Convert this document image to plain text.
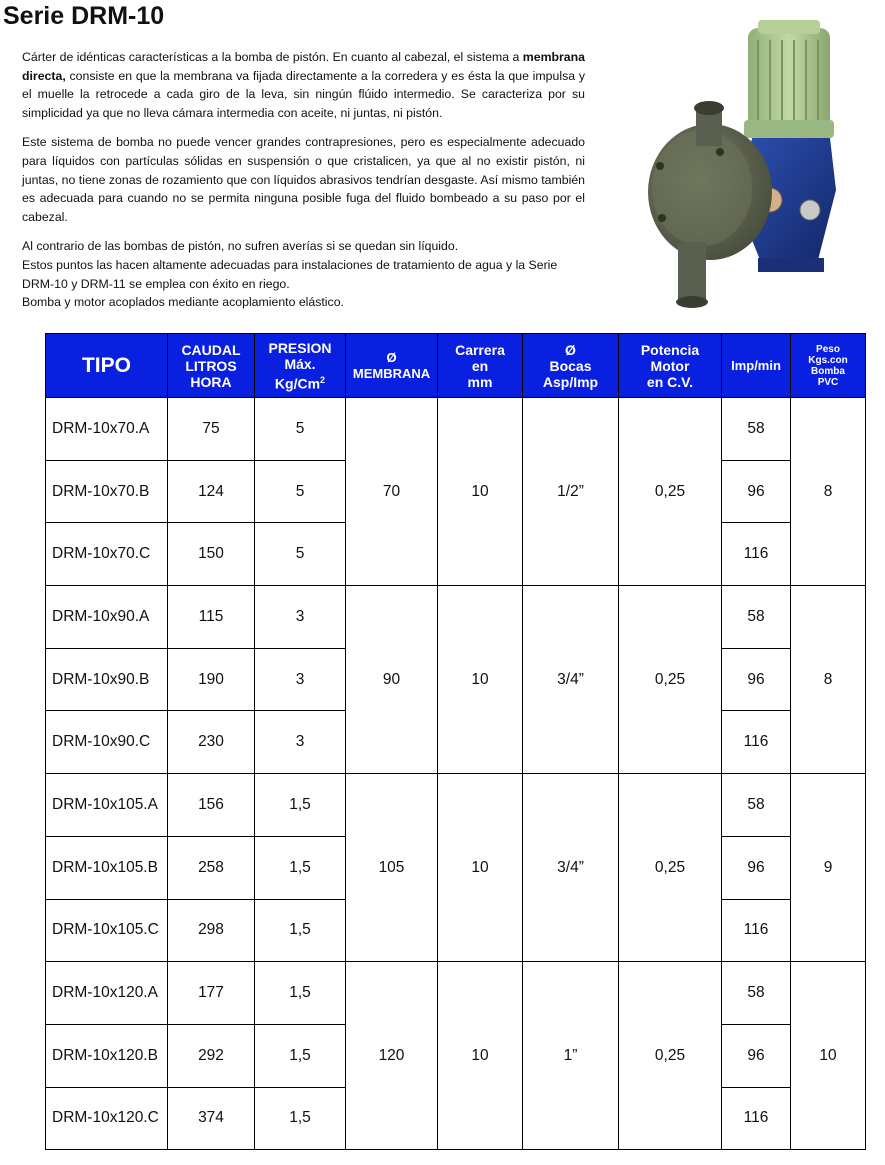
Serie DRM-10

Cárter de idénticas características a la bomba de pistón. En cuanto al cabezal, el sistema a membrana directa, consiste en que la membrana va fijada directamente a la corredera y es ésta la que impulsa y el muelle la retrocede a cada giro de la leva, sin ningún flúido intermedio. Se caracteriza por su simplicidad ya que no lleva cámara intermedia con aceite, ni juntas, ni pistón.

Este sistema de bomba no puede vencer grandes contrapresiones, pero es especialmente adecuado para líquidos con partículas sólidas en suspensión o que cristalicen, ya que al no existir pistón, ni juntas, no tiene zonas de rozamiento que con líquidos abrasivos tendrían desgaste. Así mismo también es adecuada para cuando no se permita ninguna posible fuga del fluido bombeado a su paso por el cabezal.

Al contrario de las bombas de pistón, no sufren averías si se quedan sin líquido.

Estos puntos las hacen altamente adecuadas para instalaciones de tratamiento de agua y la Serie DRM-10 y DRM-11 se emplea con éxito en riego.

Bomba y motor acoplados mediante acoplamiento elástico.

TIPO	CAUDAL
LITROS
HORA	PRESION
Máx.
Kg/Cm$^2$	Ø
MEMBRANA	Carrera
en
mm	Ø
Bocas
Asp/Imp	Potencia
Motor
en C.V.	Imp/min	Peso
Kgs.con
Bomba
PVC
DRM-10x70.A	75	5	70	10	1/2”	0,25	58	8
DRM-10x70.B	124	5					96	
DRM-10x70.C	150	5					116	
DRM-10x90.A	115	3	90	10	3/4”	0,25	58	8
DRM-10x90.B	190	3					96	
DRM-10x90.C	230	3					116	
DRM-10x105.A	156	1,5	105	10	3/4”	0,25	58	9
DRM-10x105.B	258	1,5					96	
DRM-10x105.C	298	1,5					116	
DRM-10x120.A	177	1,5	120	10	1”	0,25	58	10
DRM-10x120.B	292	1,5					96	
DRM-10x120.C	374	1,5					116	
